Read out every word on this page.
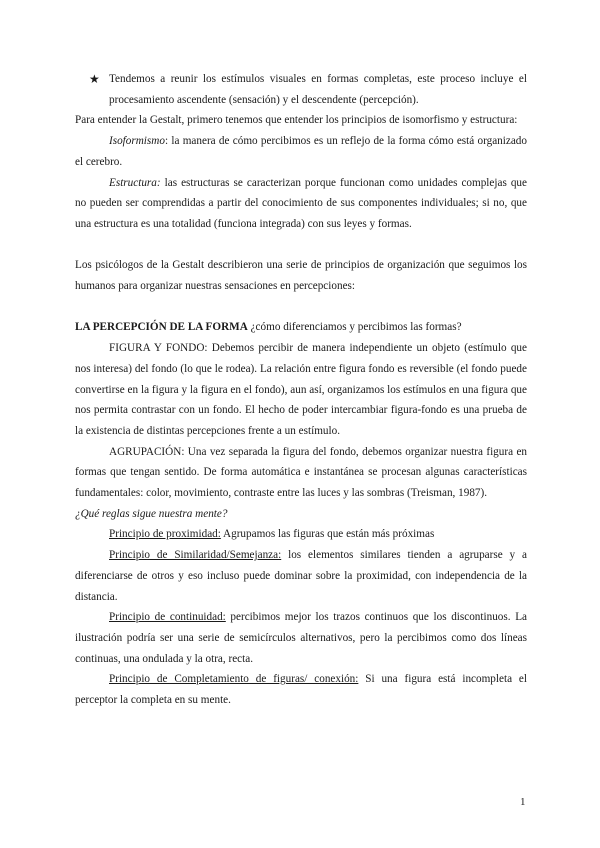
★ Tendemos a reunir los estímulos visuales en formas completas, este proceso incluye el procesamiento ascendente (sensación) y el descendente (percepción).

Para entender la Gestalt, primero tenemos que entender los principios de isomorfismo y estructura:

Isoformismo: la manera de cómo percibimos es un reflejo de la forma cómo está organizado el cerebro.

Estructura: las estructuras se caracterizan porque funcionan como unidades complejas que no pueden ser comprendidas a partir del conocimiento de sus componentes individuales; si no, que una estructura es una totalidad (funciona integrada) con sus leyes y formas.

Los psicólogos de la Gestalt describieron una serie de principios de organización que seguimos los humanos para organizar nuestras sensaciones en percepciones:

LA PERCEPCIÓN DE LA FORMA ¿cómo diferenciamos y percibimos las formas?

FIGURA Y FONDO: Debemos percibir de manera independiente un objeto (estímulo que nos interesa) del fondo (lo que le rodea). La relación entre figura fondo es reversible (el fondo puede convertirse en la figura y la figura en el fondo), aun así, organizamos los estímulos en una figura que nos permita contrastar con un fondo. El hecho de poder intercambiar figura-fondo es una prueba de la existencia de distintas percepciones frente a un estímulo.

AGRUPACIÓN: Una vez separada la figura del fondo, debemos organizar nuestra figura en formas que tengan sentido. De forma automática e instantánea se procesan algunas características fundamentales: color, movimiento, contraste entre las luces y las sombras (Treisman, 1987).

¿Qué reglas sigue nuestra mente?

Principio de proximidad: Agrupamos las figuras que están más próximas

Principio de Similaridad/Semejanza: los elementos similares tienden a agruparse y a diferenciarse de otros y eso incluso puede dominar sobre la proximidad, con independencia de la distancia.

Principio de continuidad: percibimos mejor los trazos continuos que los discontinuos. La ilustración podría ser una serie de semicírculos alternativos, pero la percibimos como dos líneas continuas, una ondulada y la otra, recta.

Principio de Completamiento de figuras/ conexión: Si una figura está incompleta el perceptor la completa en su mente.

1
